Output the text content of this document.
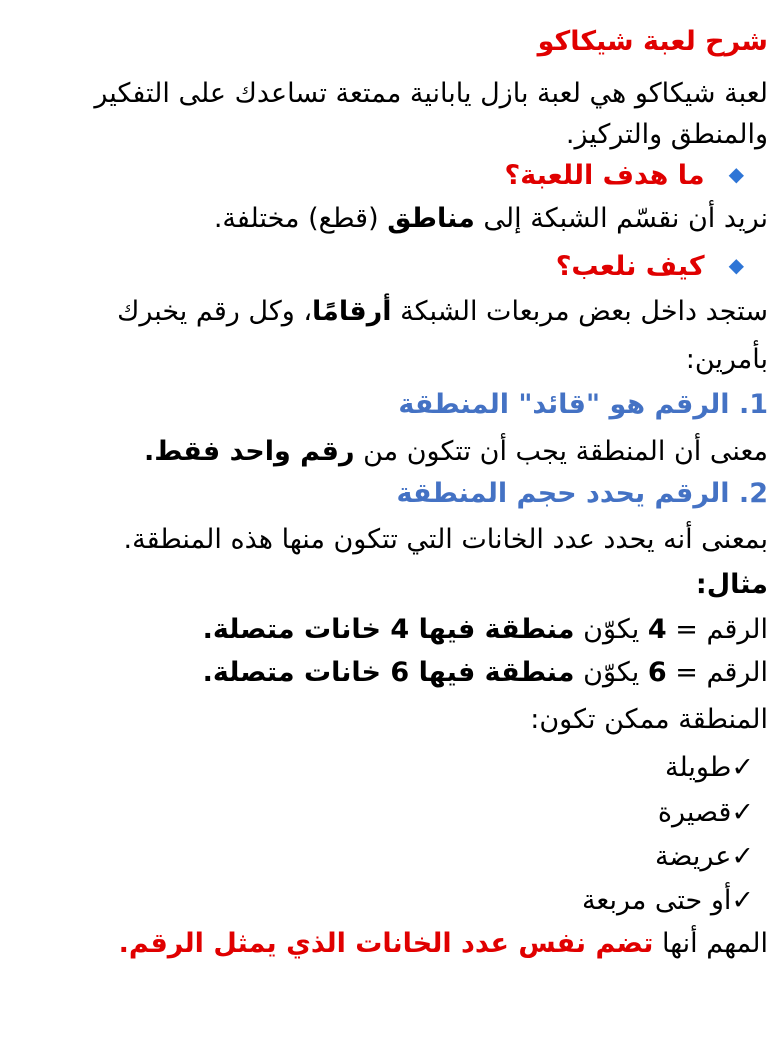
شرح لعبة شيكاكو
لعبة شيكاكو هي لعبة بازل يابانية ممتعة تساعدك على التفكير
والمنطق والتركيز.
◆ما هدف اللعبة؟
نريد أن نقسّم الشبكة إلى مناطق (قطع) مختلفة.
◆كيف نلعب؟
ستجد داخل بعض مربعات الشبكة أرقامًا، وكل رقم يخبرك
بأمرين:
1. الرقم هو "قائد" المنطقة
معنى أن المنطقة يجب أن تتكون من رقم واحد فقط.
2. الرقم يحدد حجم المنطقة
بمعنى أنه يحدد عدد الخانات التي تتكون منها هذه المنطقة.
مثال:
الرقم = 4 يكوّن منطقة فيها 4 خانات متصلة.
الرقم = 6 يكوّن منطقة فيها 6 خانات متصلة.
المنطقة ممكن تكون:
✓طويلة
✓قصيرة
✓عريضة
✓أو حتى مربعة
المهم أنها تضم نفس عدد الخانات الذي يمثل الرقم.
